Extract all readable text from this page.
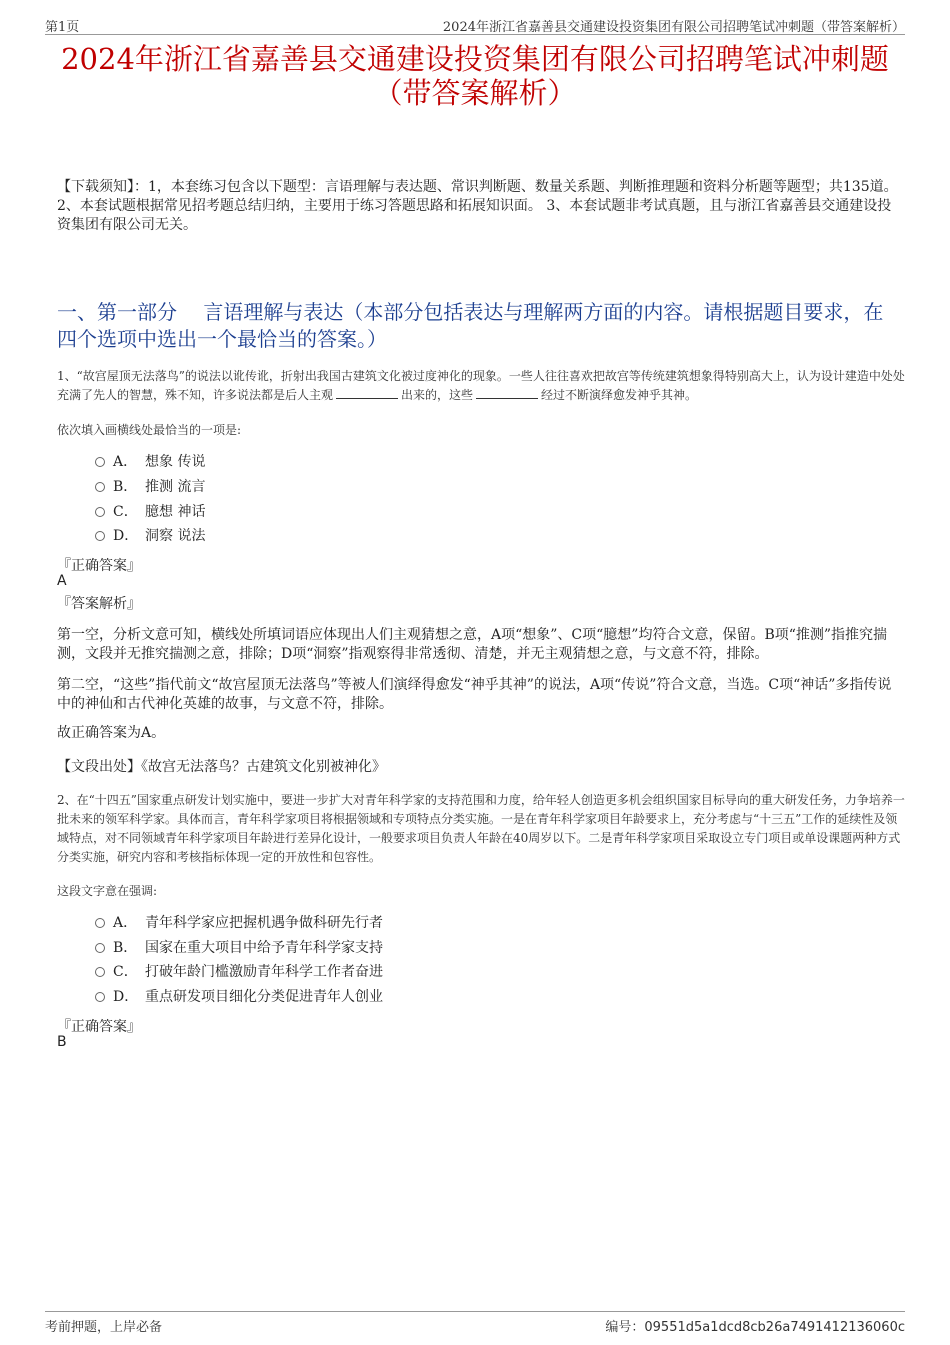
第1页	2024年浙江省嘉善县交通建设投资集团有限公司招聘笔试冲刺题（带答案解析）
2024年浙江省嘉善县交通建设投资集团有限公司招聘笔试冲刺题
（带答案解析）
【下载须知】：1，本套练习包含以下题型：言语理解与表达题、常识判断题、数量关系题、判断推理题和资料分析题等题型；共135道。 2、本套试题根据常见招考题总结归纳，主要用于练习答题思路和拓展知识面。 3、本套试题非考试真题，且与浙江省嘉善县交通建设投资集团有限公司无关。
一、第一部分　 言语理解与表达（本部分包括表达与理解两方面的内容。请根据题目要求，在四个选项中选出一个最恰当的答案。）
1、“故宫屋顶无法落鸟”的说法以讹传讹，折射出我国古建筑文化被过度神化的现象。一些人往往喜欢把故宫等传统建筑想象得特别高大上，认为设计建造中处处充满了先人的智慧，殊不知，许多说法都是后人主观	出来的，这些	经过不断演绎愈发神乎其神。
依次填入画横线处最恰当的一项是:
A． 想象 传说
B． 推测 流言
C． 臆想 神话
D． 洞察 说法
『正确答案』
A
『答案解析』
第一空，分析文意可知，横线处所填词语应体现出人们主观猜想之意，A项“想象”、C项“臆想”均符合文意，保留。B项“推测”指推究揣测，文段并无推究揣测之意，排除；D项“洞察”指观察得非常透彻、清楚，并无主观猜想之意，与文意不符，排除。
第二空，“这些”指代前文“故宫屋顶无法落鸟”等被人们演绎得愈发“神乎其神”的说法，A项“传说”符合文意，当选。C项“神话”多指传说中的神仙和古代神化英雄的故事，与文意不符，排除。
故正确答案为A。
【文段出处】《故宫无法落鸟？古建筑文化别被神化》
2、在“十四五”国家重点研发计划实施中，要进一步扩大对青年科学家的支持范围和力度，给年轻人创造更多机会组织国家目标导向的重大研发任务，力争培养一批未来的领军科学家。具体而言，青年科学家项目将根据领域和专项特点分类实施。一是在青年科学家项目年龄要求上，充分考虑与“十三五”工作的延续性及领域特点，对不同领域青年科学家项目年龄进行差异化设计，一般要求项目负责人年龄在40周岁以下。二是青年科学家项目采取设立专门项目或单设课题两种方式分类实施，研究内容和考核指标体现一定的开放性和包容性。
这段文字意在强调:
A． 青年科学家应把握机遇争做科研先行者
B． 国家在重大项目中给予青年科学家支持
C． 打破年龄门槛激励青年科学工作者奋进
D． 重点研发项目细化分类促进青年人创业
『正确答案』
B
考前押题，上岸必备	编号：09551d5a1dcd8cb26a7491412136060c
